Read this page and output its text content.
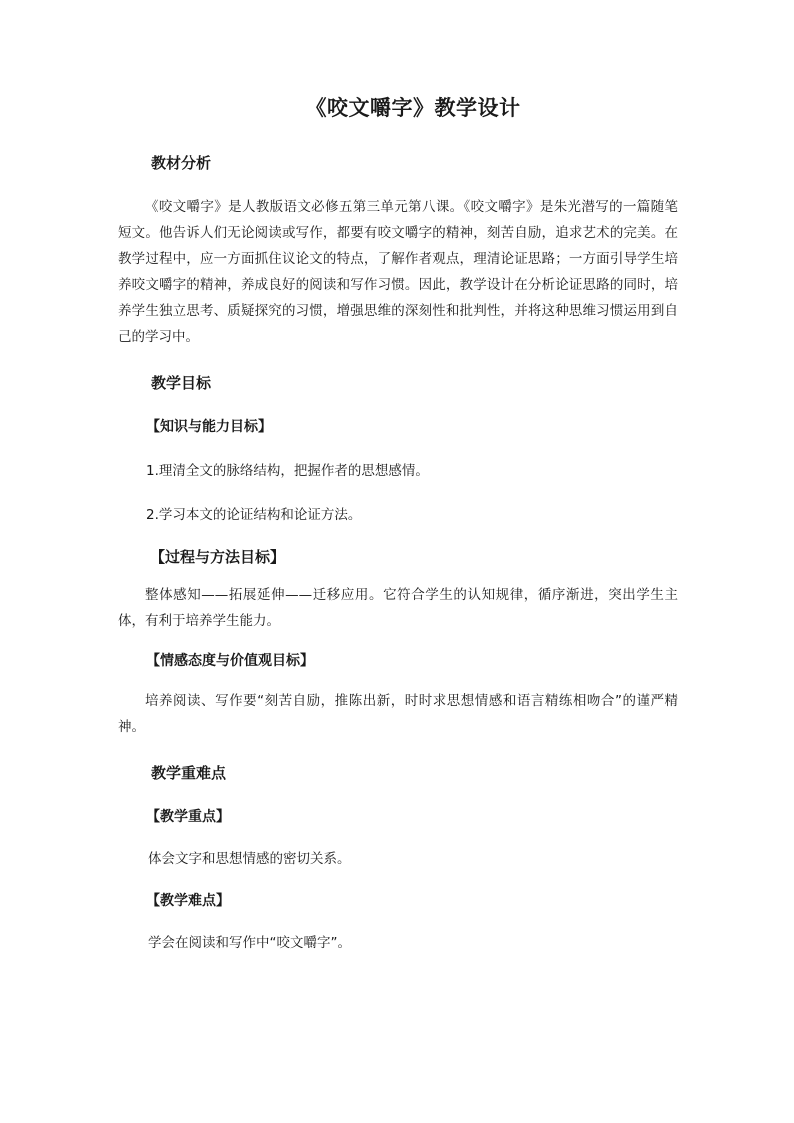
《咬文嚼字》教学设计
教材分析

《咬文嚼字》是人教版语文必修五第三单元第八课。《咬文嚼字》是朱光潜写的一篇随笔短文。他告诉人们无论阅读或写作，都要有咬文嚼字的精神，刻苦自励，追求艺术的完美。在教学过程中，应一方面抓住议论文的特点，了解作者观点，理清论证思路；一方面引导学生培养咬文嚼字的精神，养成良好的阅读和写作习惯。因此，教学设计在分析论证思路的同时，培养学生独立思考、质疑探究的习惯，增强思维的深刻性和批判性，并将这种思维习惯运用到自己的学习中。

教学目标
【知识与能力目标】

1.理清全文的脉络结构，把握作者的思想感情。

2.学习本文的论证结构和论证方法。

【过程与方法目标】

整体感知——拓展延伸——迁移应用。它符合学生的认知规律，循序渐进，突出学生主体，有利于培养学生能力。

【情感态度与价值观目标】

培养阅读、写作要“刻苦自励，推陈出新，时时求思想情感和语言精练相吻合”的谨严精神。

教学重难点
【教学重点】

体会文字和思想情感的密切关系。

【教学难点】

学会在阅读和写作中“咬文嚼字”。
